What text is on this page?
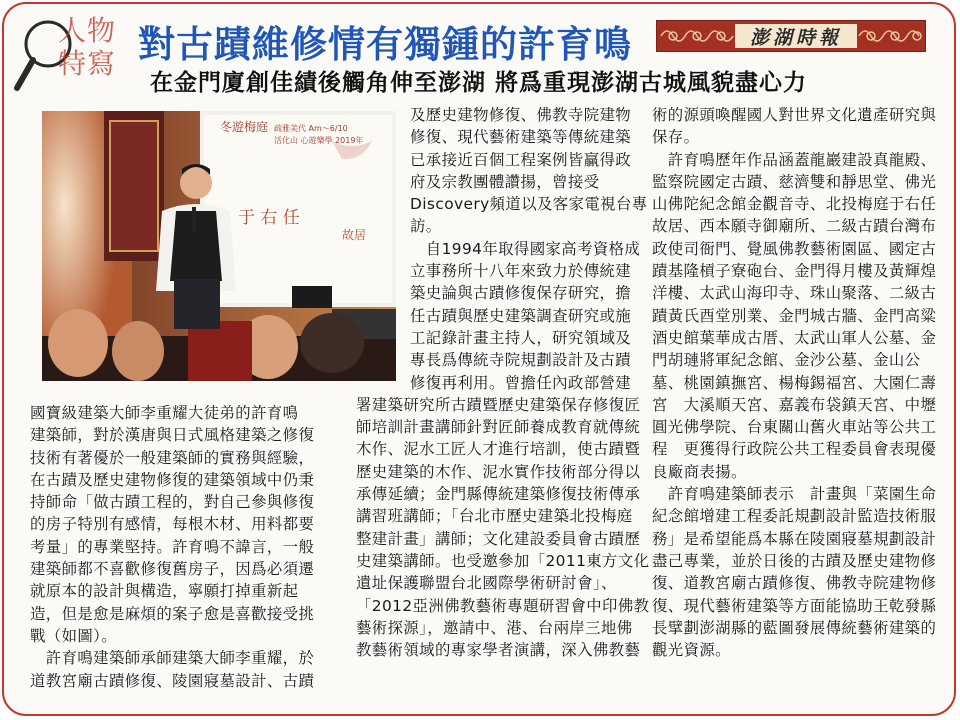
人物
特寫 對古蹟維修情有獨鍾的許育鳴	澎湖時報
在金門廈創佳績後觸角伸至澎湖 將爲重現澎湖古城風貌盡心力
冬遊梅庭 疏雅美代 Am～6/10
活化山 心遊樂學 2019年
于 右 任
故居

國寶級建築大師李重耀大徒弟的許育鳴

建築師，對於漢唐與日式風格建築之修復

技術有著優於一般建築師的實務與經驗，

在古蹟及歷史建物修復的建築領域中仍秉

持師命「做古蹟工程的，對自己參與修復

的房子特別有感情，每根木材、用料都要

考量」的專業堅持。許育鳴不諱言，一般

建築師都不喜歡修復舊房子，因爲必須遷

就原本的設計與構造，寧願打掉重新起

造，但是愈是麻煩的案子愈是喜歡接受挑

戰（如圖）。

　許育鳴建築師承師建築大師李重耀，於

道教宮廟古蹟修復、陵園寢墓設計、古蹟

及歷史建物修復、佛教寺院建物

修復、現代藝術建築等傳統建築

已承接近百個工程案例皆贏得政

府及宗教團體讚揚，曾接受

Discovery頻道以及客家電視台專

訪。

　自1994年取得國家高考資格成

立事務所十八年來致力於傳統建

築史論與古蹟修復保存研究，擔

任古蹟與歷史建築調查研究或施

工記錄計畫主持人，研究領域及

專長爲傳統寺院規劃設計及古蹟

修復再利用。曾擔任內政部營建

署建築研究所古蹟暨歷史建築保存修復匠

師培訓計畫講師針對匠師養成教育就傳統

木作、泥水工匠人才進行培訓，使古蹟暨

歷史建築的木作、泥水實作技術部分得以

承傳延續；金門縣傳統建築修復技術傳承

講習班講師；「台北市歷史建築北投梅庭

整建計畫」講師；文化建設委員會古蹟歷

史建築講師。也受邀參加「2011東方文化

遺址保護聯盟台北國際學術研討會」、

「2012亞洲佛教藝術專題研習會中印佛教

藝術探源」，邀請中、港、台兩岸三地佛

教藝術領域的專家學者演講，深入佛教藝

術的源頭喚醒國人對世界文化遺產研究與

保存。

　許育鳴歷年作品涵蓋龍巖建設真龍殿、

監察院國定古蹟、慈濟雙和靜思堂、佛光

山佛陀紀念館金觀音寺、北投梅庭于右任

故居、西本願寺御廟所、二級古蹟台灣布

政使司衙門、覺風佛教藝術園區、國定古

蹟基隆槓子寮砲台、金門得月樓及黃輝煌

洋樓、太武山海印寺、珠山聚落、二級古

蹟黃氏酉堂別業、金門城古牆、金門高粱

酒史館葉華成古厝、太武山軍人公墓、金

門胡璉將軍紀念館、金沙公墓、金山公

墓、桃園鎮撫宮、楊梅錫福宮、大園仁壽

宮　大溪順天宮、嘉義布袋鎮天宮、中壢

圓光佛學院、台東關山舊火車站等公共工

程　更獲得行政院公共工程委員會表現優

良廠商表揚。

　許育鳴建築師表示　計畫與「菜園生命

紀念館增建工程委託規劃設計監造技術服

務」是希望能爲本縣在陵園寢墓規劃設計

盡己專業，並於日後的古蹟及歷史建物修

復、道教宮廟古蹟修復、佛教寺院建物修

復、現代藝術建築等方面能協助王乾發縣

長擘劃澎湖縣的藍圖發展傳統藝術建築的

觀光資源。
